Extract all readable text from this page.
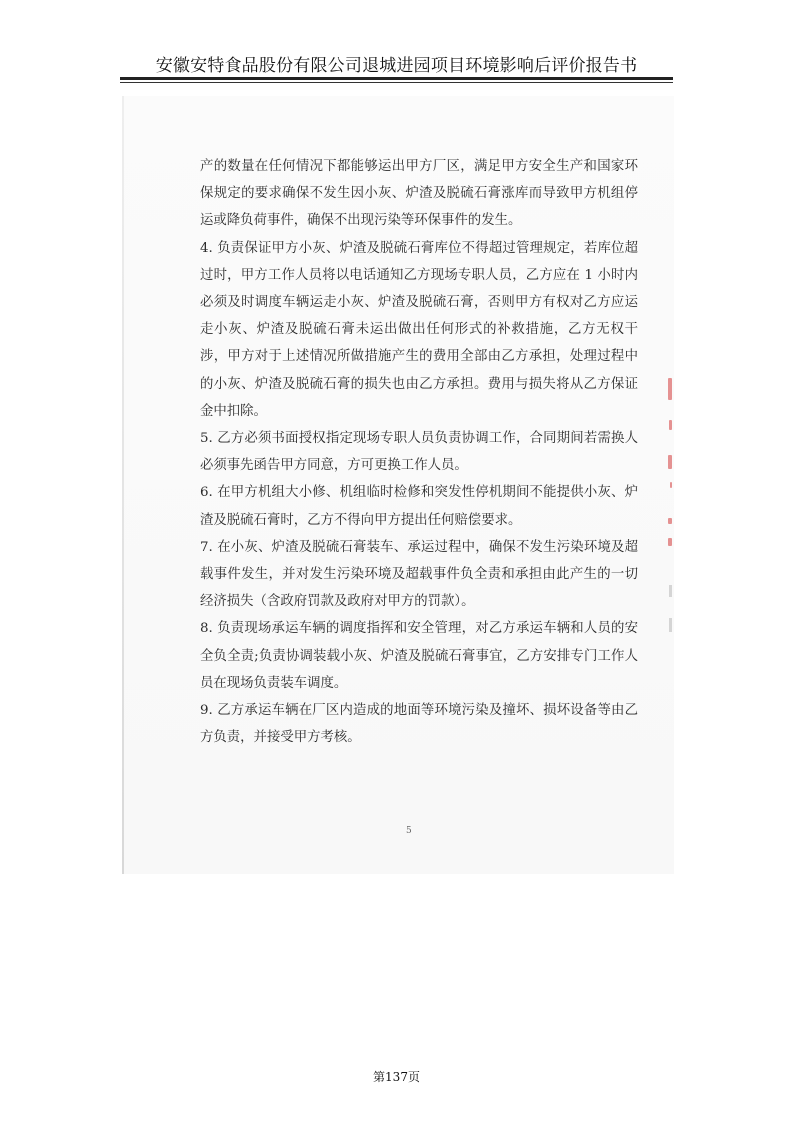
安徽安特食品股份有限公司退城进园项目环境影响后评价报告书

产的数量在任何情况下都能够运出甲方厂区，满足甲方安全生产和国家环保规定的要求确保不发生因小灰、炉渣及脱硫石膏涨库而导致甲方机组停运或降负荷事件，确保不出现污染等环保事件的发生。

4. 负责保证甲方小灰、炉渣及脱硫石膏库位不得超过管理规定，若库位超过时，甲方工作人员将以电话通知乙方现场专职人员，乙方应在 1 小时内必须及时调度车辆运走小灰、炉渣及脱硫石膏，否则甲方有权对乙方应运走小灰、炉渣及脱硫石膏未运出做出任何形式的补救措施，乙方无权干涉，甲方对于上述情况所做措施产生的费用全部由乙方承担，处理过程中的小灰、炉渣及脱硫石膏的损失也由乙方承担。费用与损失将从乙方保证金中扣除。

5. 乙方必须书面授权指定现场专职人员负责协调工作，合同期间若需换人必须事先函告甲方同意，方可更换工作人员。

6. 在甲方机组大小修、机组临时检修和突发性停机期间不能提供小灰、炉渣及脱硫石膏时，乙方不得向甲方提出任何赔偿要求。

7. 在小灰、炉渣及脱硫石膏装车、承运过程中，确保不发生污染环境及超载事件发生，并对发生污染环境及超载事件负全责和承担由此产生的一切经济损失（含政府罚款及政府对甲方的罚款）。

8. 负责现场承运车辆的调度指挥和安全管理，对乙方承运车辆和人员的安全负全责;负责协调装载小灰、炉渣及脱硫石膏事宜，乙方安排专门工作人员在现场负责装车调度。

9. 乙方承运车辆在厂区内造成的地面等环境污染及撞坏、损坏设备等由乙方负责，并接受甲方考核。

5
第137页
